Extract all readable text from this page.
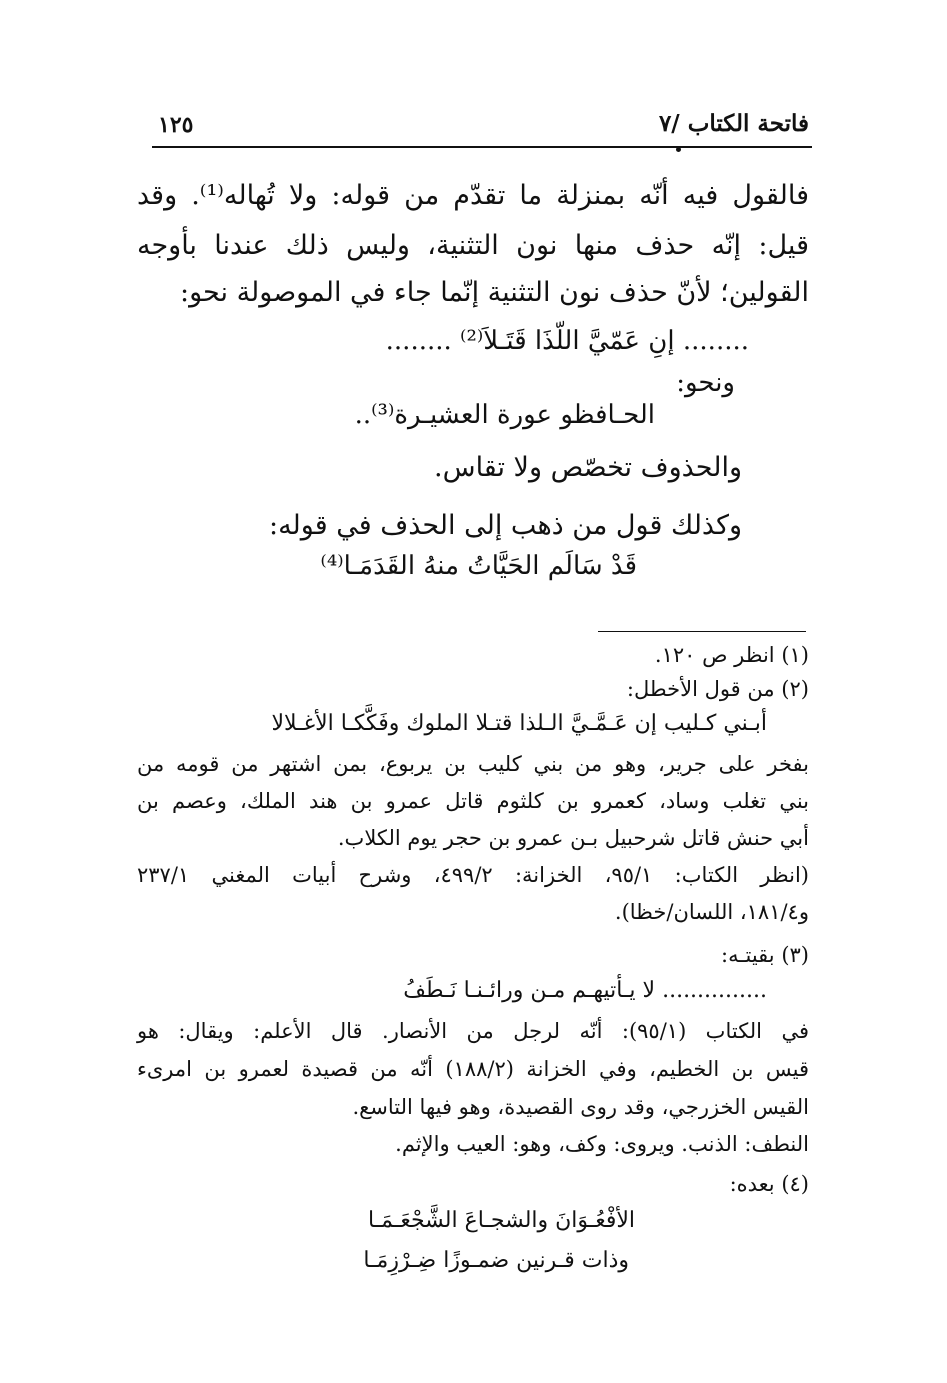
فاتحة الكتاب /٧
١٢٥
فالقول فيه أنّه بمنزلة ما تقدّم من قوله: ولا تُهاله⁽¹⁾. وقد
قيل: إنّه حذف منها نون التثنية، وليس ذلك عندنا بأوجه
القولين؛ لأنّ حذف نون التثنية إنّما جاء في الموصولة نحو:
........ إنِ عَمّيَّ اللّذَا قَتَـلاَ⁽²⁾ ........
ونحو:
الحـافظو عورة العشيـرة⁽³⁾..
والحذوف تخصّص ولا تقاس.
وكذلك قول من ذهب إلى الحذف في قوله:
قَدْ سَالَم الحَيَّاتُ منهُ القَدَمَـا⁽⁴⁾
(١) انظر ص ١٢٠.
(٢) من قول الأخطل:
أبـني كـليب إن عَـمَّـيَّ الـلذا قتـلا الملوك وفَكَّكـا الأغـلالا
بفخر على جرير، وهو من بني كليب بن يربوع، بمن اشتهر من قومه من
بني تغلب وساد، كعمرو بن كلثوم قاتل عمرو بن هند الملك، وعصم بن
أبي حنش قاتل شرحبيل بـن عمرو بن حجر يوم الكلاب.
(انظر الكتاب: ٩٥/١، الخزانة: ٤٩٩/٢، وشرح أبيات المغني ٢٣٧/١
و١٨١/٤، اللسان/خظا).
(٣) بقيتـه:
............... لا يـأتيهـم مـن ورائـنـا نَـطَفُ
في الكتاب (٩٥/١): أنّه لرجل من الأنصار. قال الأعلم: ويقال: هو
قيس بن الخطيم، وفي الخزانة (١٨٨/٢) أنّه من قصيدة لعمرو بن امرىء
القيس الخزرجي، وقد روى القصيدة، وهو فيها التاسع.
النطف: الذنب. ويروى: وكف، وهو: العيب والإثم.
(٤) بعده:
الأفْعُـوَانَ والشجـاعَ الشَّجْعَـمَـا
وذات قـرنين ضمـوزًا ضِـرْزِمَـا
